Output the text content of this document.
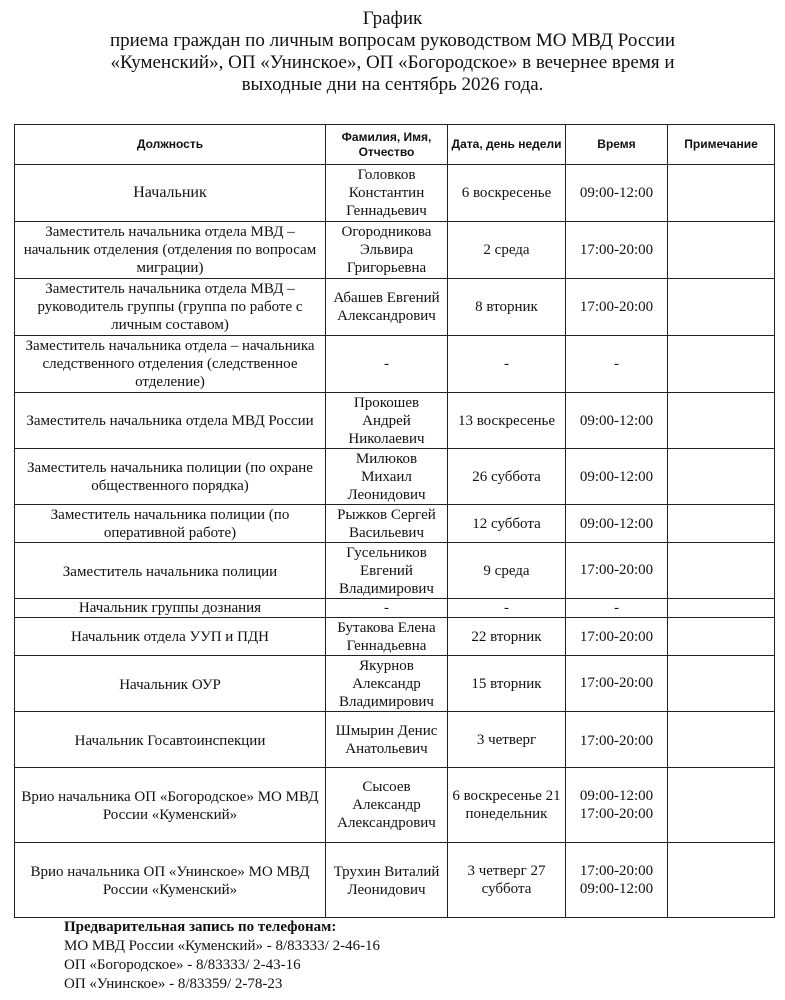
График
приема граждан по личным вопросам руководством МО МВД России
«Куменский», ОП «Унинское», ОП «Богородское» в вечернее время и
выходные дни на сентябрь 2026 года.
Должность	Фамилия, Имя, Отчество	Дата, день недели	Время	Примечание

Начальник	Головков Константин Геннадьевич	6 воскресенье	09:00-12:00	

Заместитель начальника отдела МВД – начальник отделения (отделения по вопросам миграции)	Огородникова Эльвира Григорьевна	2 среда	17:00-20:00	

Заместитель начальника отдела МВД – руководитель группы (группа по работе с личным составом)	Абашев Евгений Александрович	8 вторник	17:00-20:00	

Заместитель начальника отдела – начальника следственного отделения (следственное отделение)	-	-	-	

Заместитель начальника отдела МВД России	Прокошев Андрей Николаевич	13 воскресенье	09:00-12:00	

Заместитель начальника полиции (по охране общественного порядка)	Милюков Михаил Леонидович	26 суббота	09:00-12:00	

Заместитель начальника полиции (по оперативной работе)	Рыжков Сергей Васильевич	12 суббота	09:00-12:00	

Заместитель начальника полиции	Гусельников Евгений Владимирович	9 среда	17:00-20:00	

Начальник группы дознания	-	-	-	

Начальник отдела УУП и ПДН	Бутакова Елена Геннадьевна	22 вторник	17:00-20:00	

Начальник ОУР	Якурнов Александр Владимирович	15 вторник	17:00-20:00	

Начальник Госавтоинспекции	Шмырин Денис Анатольевич	3 четверг	17:00-20:00	

Врио начальника ОП «Богородское» МО МВД России «Куменский»	Сысоев Александр Александрович	6 воскресенье 21 понедельник	09:00-12:00 17:00-20:00	

Врио начальника ОП «Унинское» МО МВД России «Куменский»	Трухин Виталий Леонидович	3 четверг 27 суббота	17:00-20:00 09:00-12:00	

Предварительная запись по телефонам:
МО МВД России «Куменский» - 8/83333/ 2-46-16
ОП «Богородское» - 8/83333/ 2-43-16
ОП «Унинское» - 8/83359/ 2-78-23
